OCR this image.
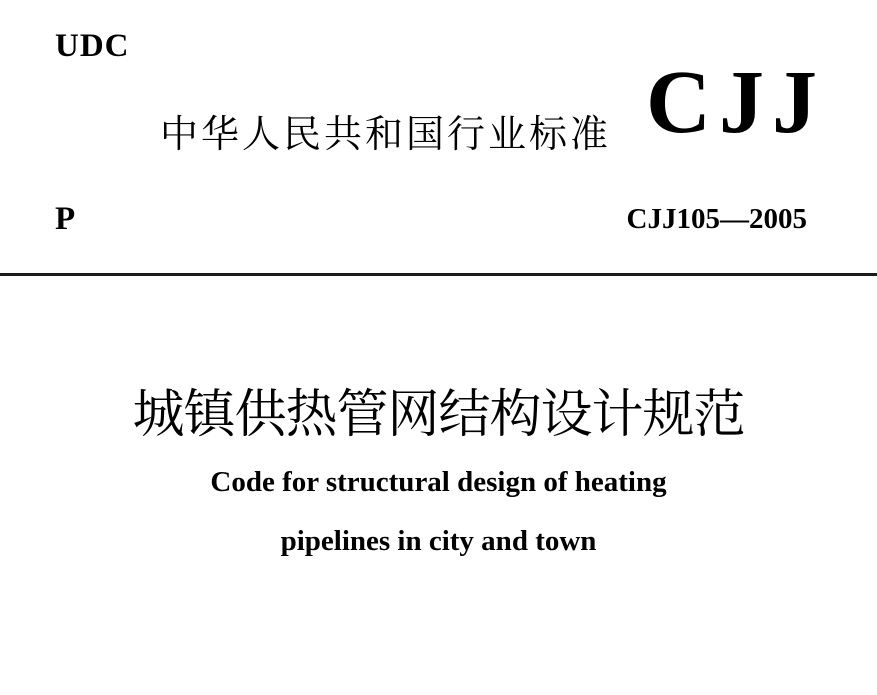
UDC
中华人民共和国行业标准 CJJ
P	CJJ105—2005
城镇供热管网结构设计规范
Code for structural design of heating
pipelines in city and town
